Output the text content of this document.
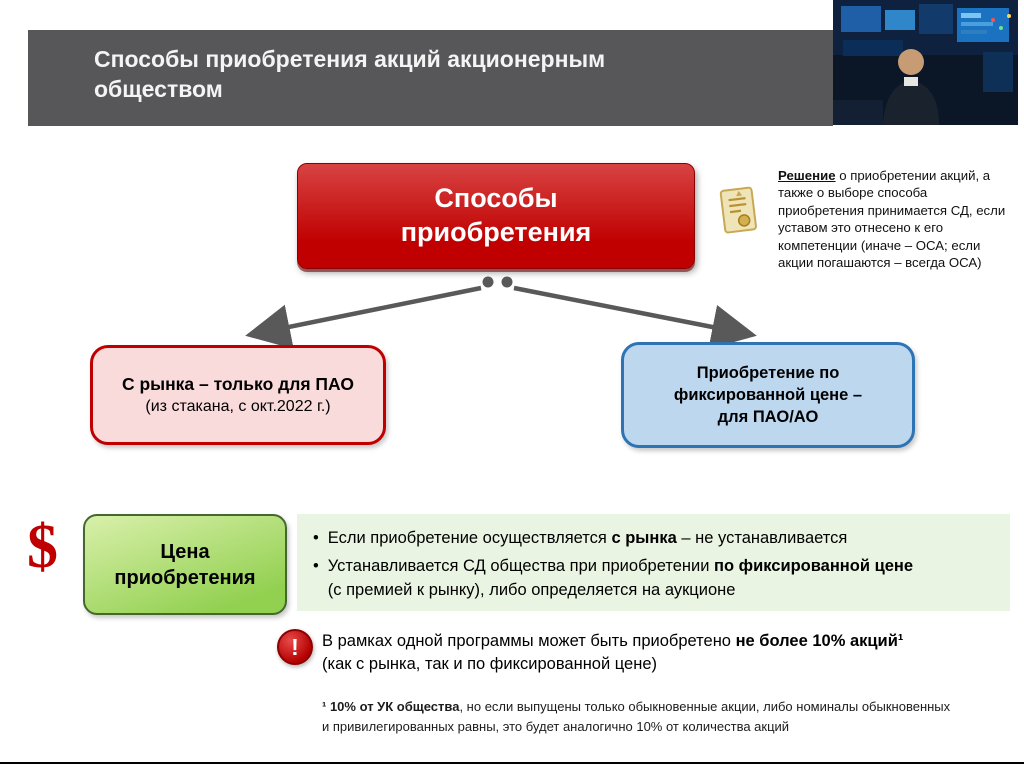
Способы приобретения акций акционерным обществом
Способы приобретения
Решение о приобретении акций, а также о выборе способа приобретения принимается СД, если уставом это отнесено к его компетенции (иначе – ОСА; если акции погашаются – всегда ОСА)
С рынка – только для ПАО
(из стакана, с окт.2022 г.)
Приобретение по фиксированной цене – для ПАО/АО
$	Цена приобретения
• Если приобретение осуществляется с рынка – не устанавливается
• Устанавливается СД общества при приобретении по фиксированной цене
(с премией к рынку), либо определяется на аукционе
! В рамках одной программы может быть приобретено не более 10% акций¹
(как с рынка, так и по фиксированной цене)
¹ 10% от УК общества, но если выпущены только обыкновенные акции, либо номиналы обыкновенных и привилегированных равны, это будет аналогично 10% от количества акций
